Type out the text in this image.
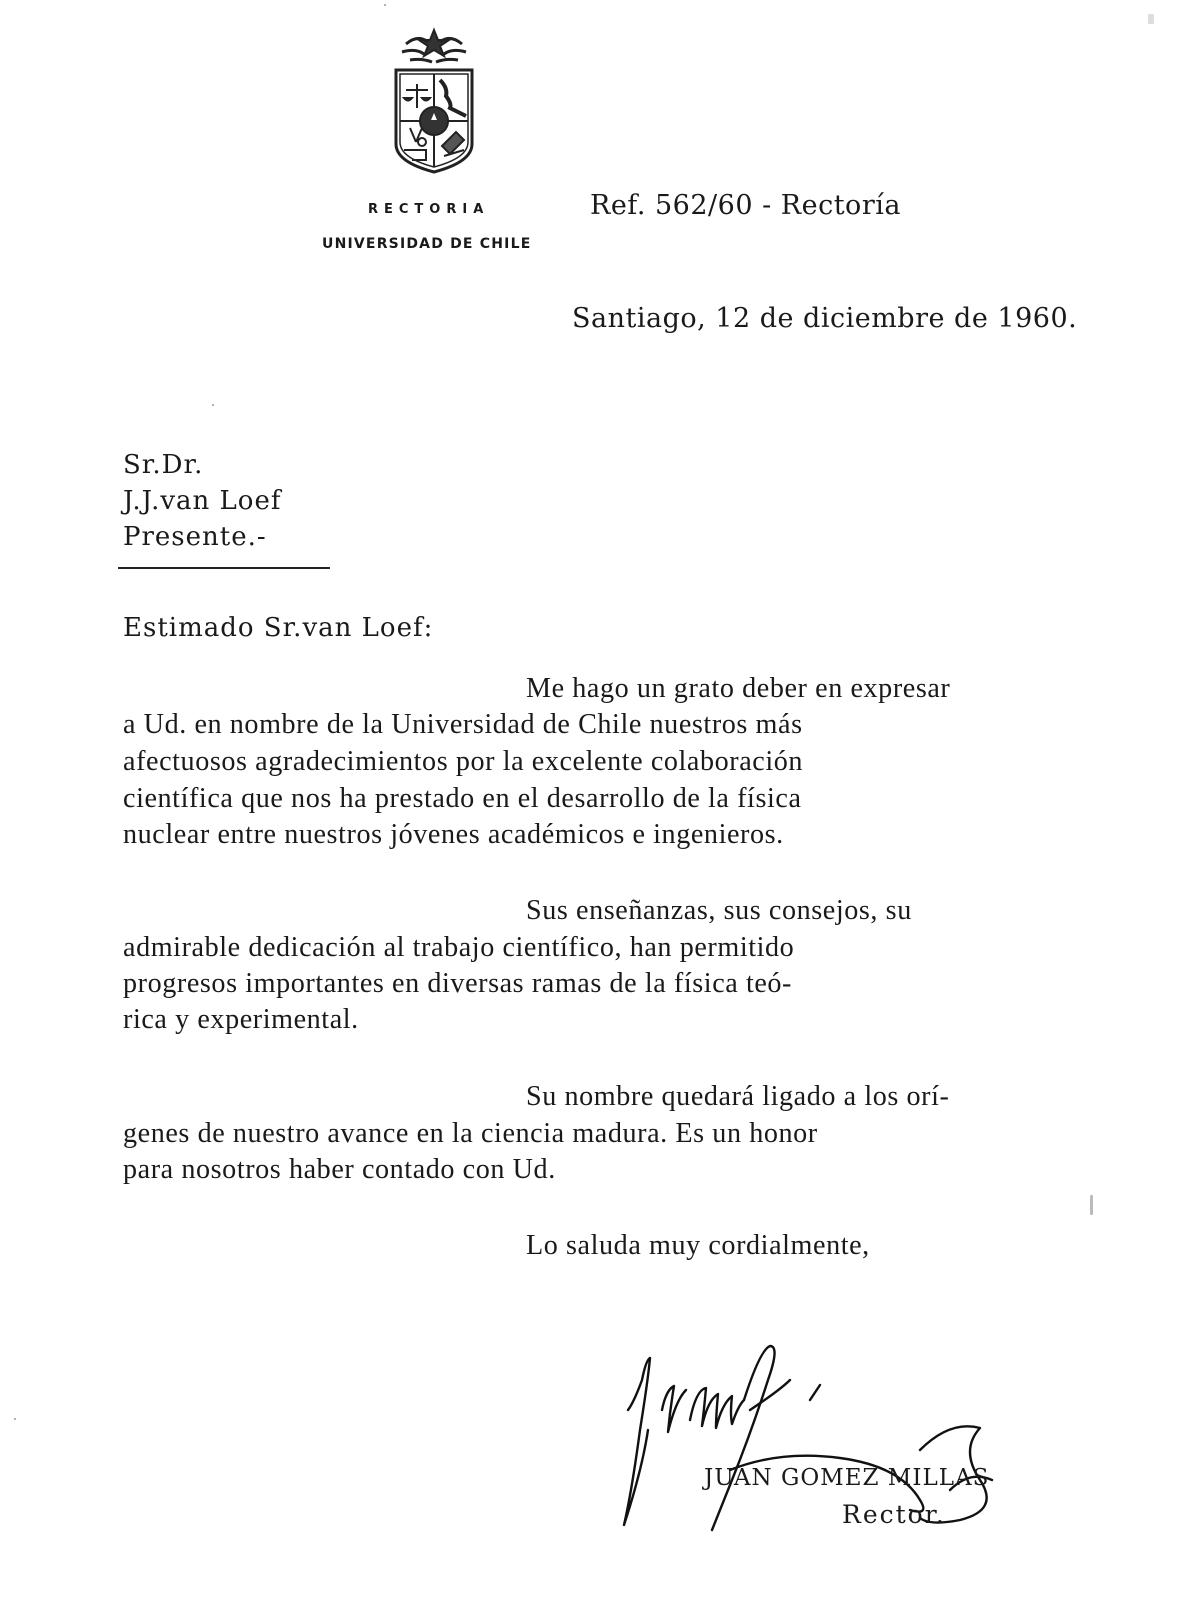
RECTORIA
UNIVERSIDAD DE CHILE
Ref. 562/60 - Rectoría
Santiago, 12 de diciembre de 1960.
Sr.Dr.
J.J.van Loef
Presente.-
Estimado Sr.van Loef:
Me hago un grato deber en expresar
a Ud. en nombre de la Universidad de Chile nuestros más
afectuosos agradecimientos por la excelente colaboración
científica que nos ha prestado en el desarrollo de la física
nuclear entre nuestros jóvenes académicos e ingenieros.
Sus enseñanzas, sus consejos, su
admirable dedicación al trabajo científico, han permitido
progresos importantes en diversas ramas de la física teó-
rica y experimental.
Su nombre quedará ligado a los orí-
genes de nuestro avance en la ciencia madura. Es un honor
para nosotros haber contado con Ud.
Lo saluda muy cordialmente,
JUAN GOMEZ MILLAS
Rector.
